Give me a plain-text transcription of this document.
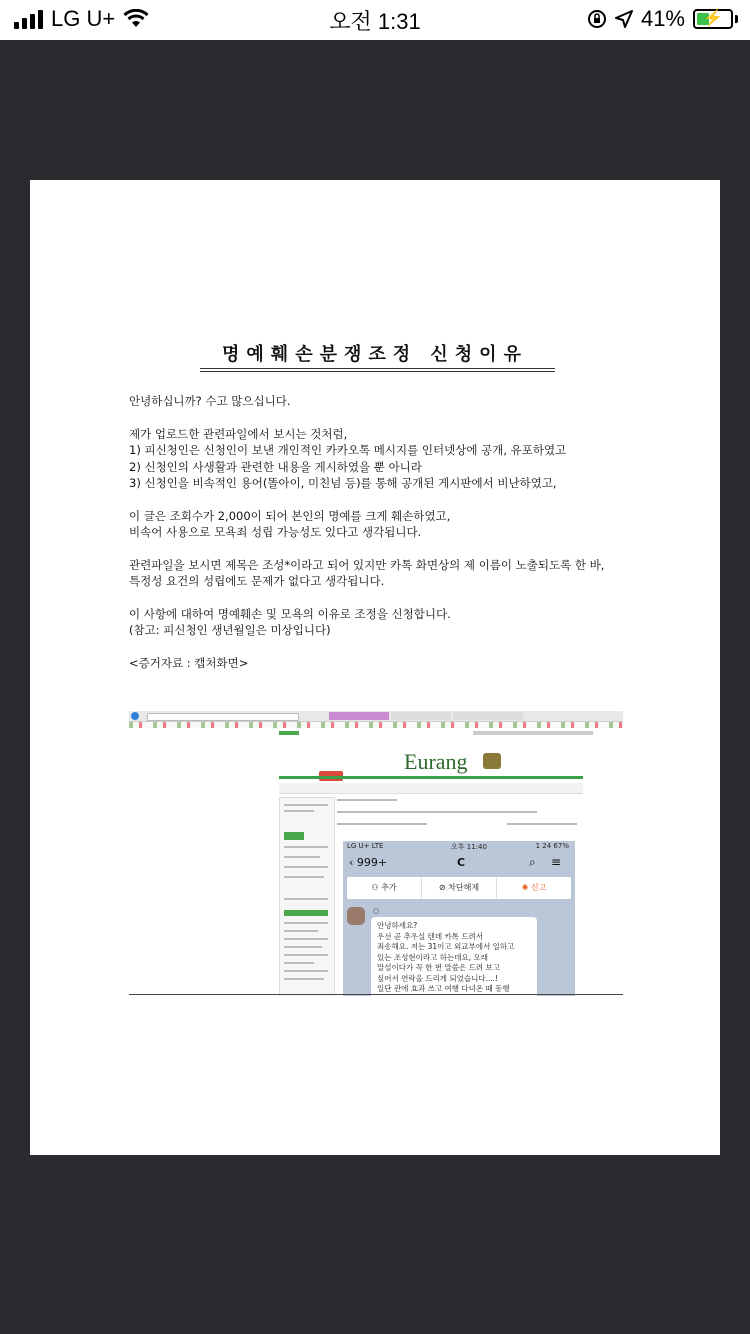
LG U+	오전 1:31	41%	⚡
명예훼손분쟁조정 신청이유

안녕하십니까? 수고 많으십니다.

제가 업로드한 관련파일에서 보시는 것처럼,

1) 피신청인은 신청인이 보낸 개인적인 카카오톡 메시지를 인터넷상에 공개, 유포하였고

2) 신청인의 사생활과 관련한 내용을 게시하였을 뿐 아니라

3) 신청인을 비속적인 용어(똘아이, 미친넘 등)를 통해 공개된 게시판에서 비난하였고,

이 글은 조회수가 2,000이 되어 본인의 명예를 크게 훼손하였고,

비속어 사용으로 모욕죄 성립 가능성도 있다고 생각됩니다.

관련파일을 보시면 제목은 조성*이라고 되어 있지만 카톡 화면상의 제 이름이 노출되도록 한 바,

특정성 요건의 성립에도 문제가 없다고 생각됩니다.

이 사항에 대하여 명예훼손 및 모욕의 이유로 조정을 신청합니다.

(참고: 피신청인 생년월일은 미상입니다)

<증거자료 : 캡처화면>

Eurang
LG U+ LTE	오후 11:40	1 24 67%
‹ 999+	C	⌕ ≡
⚇ 추가	⊘ 차단해제	✺ 신고
○

안녕하세요?

우선 곧 추우실 텐데 카톡 드려서

죄송해요. 저는 31이고 외교부에서 일하고

있는 조성현이라고 하는데요, 오래

말설이다가 꼭 한 번 말씀은 드려 보고

싶어서 연락을 드리게 되었습니다....!

일단 관에 효과 쓰고 여행 다녀온 때 동행
